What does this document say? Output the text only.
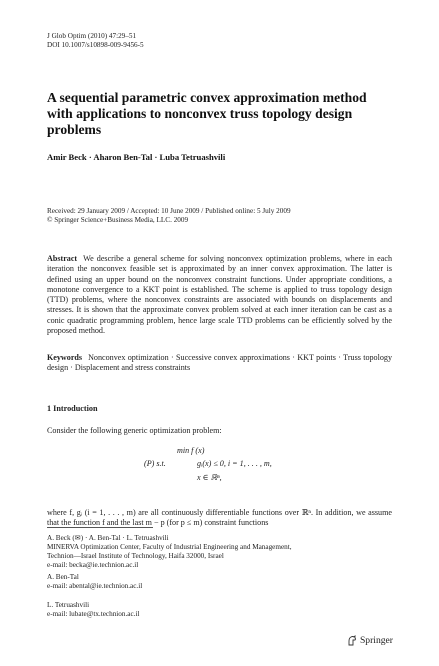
J Glob Optim (2010) 47:29–51
DOI 10.1007/s10898-009-9456-5
A sequential parametric convex approximation method with applications to nonconvex truss topology design problems
Amir Beck · Aharon Ben-Tal · Luba Tetruashvili
Received: 29 January 2009 / Accepted: 10 June 2009 / Published online: 5 July 2009
© Springer Science+Business Media, LLC. 2009
Abstract We describe a general scheme for solving nonconvex optimization problems, where in each iteration the nonconvex feasible set is approximated by an inner convex approximation. The latter is defined using an upper bound on the nonconvex constraint functions. Under appropriate conditions, a monotone convergence to a KKT point is established. The scheme is applied to truss topology design (TTD) problems, where the nonconvex constraints are associated with bounds on displacements and stresses. It is shown that the approximate convex problem solved at each inner iteration can be cast as a conic quadratic programming problem, hence large scale TTD problems can be efficiently solved by the proposed method.
Keywords Nonconvex optimization · Successive convex approximations · KKT points · Truss topology design · Displacement and stress constraints
1 Introduction
Consider the following generic optimization problem:
min f (x)
(P) s.t.	gᵢ(x) ≤ 0, i = 1, . . . , m,
x ∈ ℝⁿ,
where f, gᵢ (i = 1, . . . , m) are all continuously differentiable functions over ℝⁿ. In addition, we assume that the function f and the last m − p (for p ≤ m) constraint functions
A. Beck (✉) · A. Ben-Tal · L. Tetruashvili
MINERVA Optimization Center, Faculty of Industrial Engineering and Management,
Technion—Israel Institute of Technology, Haifa 32000, Israel
e-mail: becka@ie.technion.ac.il
A. Ben-Tal
e-mail: abental@ie.technion.ac.il
L. Tetruashvili
e-mail: lubate@tx.technion.ac.il
Springer
